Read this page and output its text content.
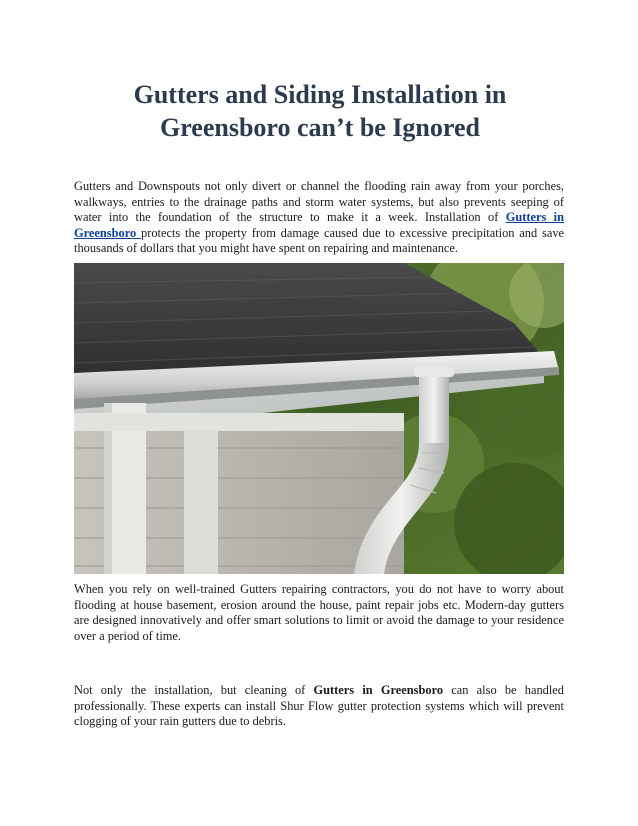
Gutters and Siding Installation in
Greensboro can’t be Ignored

Gutters and Downspouts not only divert or channel the flooding rain away from your porches, walkways, entries to the drainage paths and storm water systems, but also prevents seeping of water into the foundation of the structure to make it a week. Installation of Gutters in Greensboro protects the property from damage caused due to excessive precipitation and save thousands of dollars that you might have spent on repairing and maintenance.

When you rely on well-trained Gutters repairing contractors, you do not have to worry about flooding at house basement, erosion around the house, paint repair jobs etc. Modern-day gutters are designed innovatively and offer smart solutions to limit or avoid the damage to your residence over a period of time.

Not only the installation, but cleaning of Gutters in Greensboro can also be handled professionally. These experts can install Shur Flow gutter protection systems which will prevent clogging of your rain gutters due to debris.
